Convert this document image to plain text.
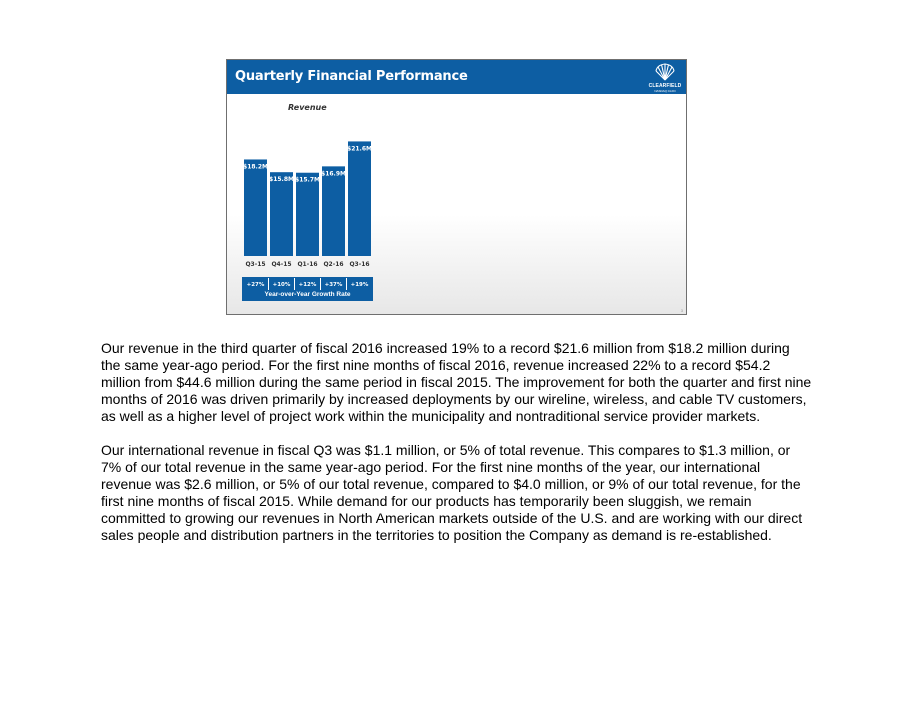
Quarterly Financial Performance
CLEARFIELD
NASDAQ:CLFD
Revenue
$18.2M
Q3-15
$15.8M
Q4-15
$15.7M
Q1-16
$16.9M
Q2-16
$21.6M
Q3-16
+27% +10% +12% +37% +19%
Year-over-Year Growth Rate
3

Our revenue in the third quarter of fiscal 2016 increased 19% to a record $21.6 million from $18.2 million during the same year-ago period. For the first nine months of fiscal 2016, revenue increased 22% to a record $54.2 million from $44.6 million during the same period in fiscal 2015. The improvement for both the quarter and first nine months of 2016 was driven primarily by increased deployments by our wireline, wireless, and cable TV customers, as well as a higher level of project work within the municipality and nontraditional service provider markets.

Our international revenue in fiscal Q3 was $1.1 million, or 5% of total revenue. This compares to $1.3 million, or 7% of our total revenue in the same year-ago period. For the first nine months of the year, our international revenue was $2.6 million, or 5% of our total revenue, compared to $4.0 million, or 9% of our total revenue, for the first nine months of fiscal 2015. While demand for our products has temporarily been sluggish, we remain committed to growing our revenues in North American markets outside of the U.S. and are working with our direct sales people and distribution partners in the territories to position the Company as demand is re-established.
